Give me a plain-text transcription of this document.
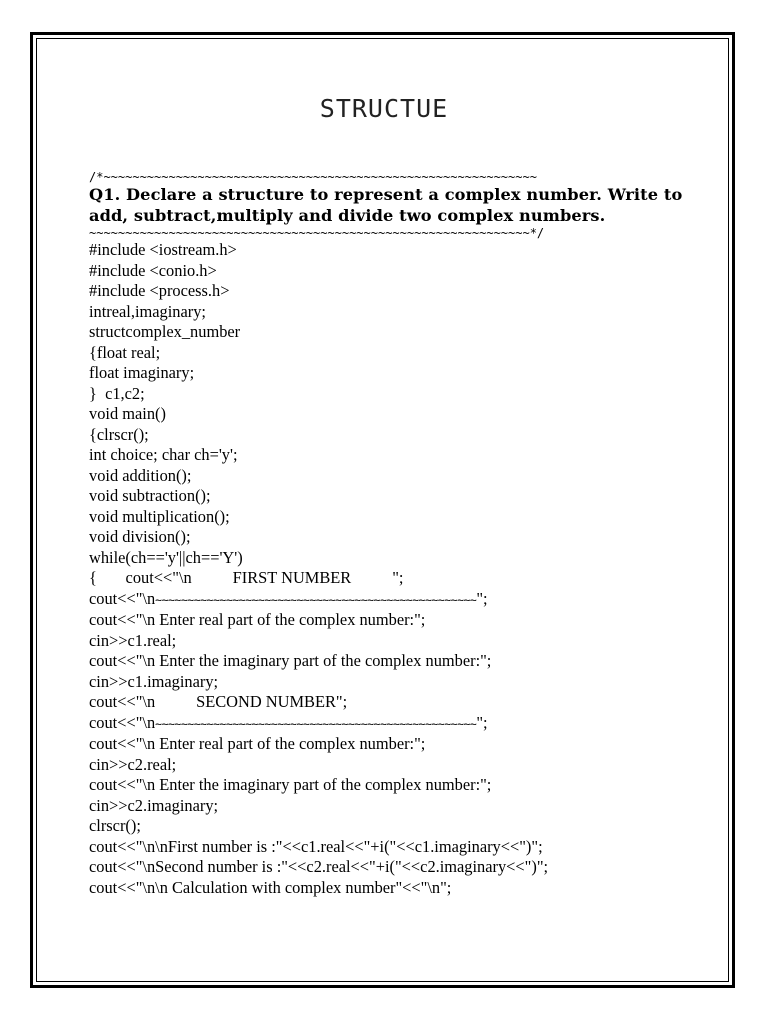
STRUCTUE
/*~~~~~~~~~~~~~~~~~~~~~~~~~~~~~~~~~~~~~~~~~~~~~~~~~~~~~~~~~~~~
Q1. Declare a structure to represent a complex number. Write to add, subtract,multiply and divide two complex numbers.
~~~~~~~~~~~~~~~~~~~~~~~~~~~~~~~~~~~~~~~~~~~~~~~~~~~~~~~~~~~~~*/
#include <iostream.h>
#include <conio.h>
#include <process.h>
intreal,imaginary;
structcomplex_number
{float real;
float imaginary;
}  c1,c2;
void main()
{clrscr();
int choice; char ch='y';
void addition();
void subtraction();
void multiplication();
void division();
while(ch=='y'||ch=='Y')
{       cout<<"\n          FIRST NUMBER          ";
cout<<"\n~~~~~~~~~~~~~~~~~~~~~~~~~~~~~~~~~~~~~~~~~~~~~~~~~~";
cout<<"\n Enter real part of the complex number:";
cin>>c1.real;
cout<<"\n Enter the imaginary part of the complex number:";
cin>>c1.imaginary;
cout<<"\n          SECOND NUMBER";
cout<<"\n~~~~~~~~~~~~~~~~~~~~~~~~~~~~~~~~~~~~~~~~~~~~~~~~~~";
cout<<"\n Enter real part of the complex number:";
cin>>c2.real;
cout<<"\n Enter the imaginary part of the complex number:";
cin>>c2.imaginary;
clrscr();
cout<<"\n\nFirst number is :"<<c1.real<<"+i("<<c1.imaginary<<")";
cout<<"\nSecond number is :"<<c2.real<<"+i("<<c2.imaginary<<")";
cout<<"\n\n Calculation with complex number"<<"\n";
